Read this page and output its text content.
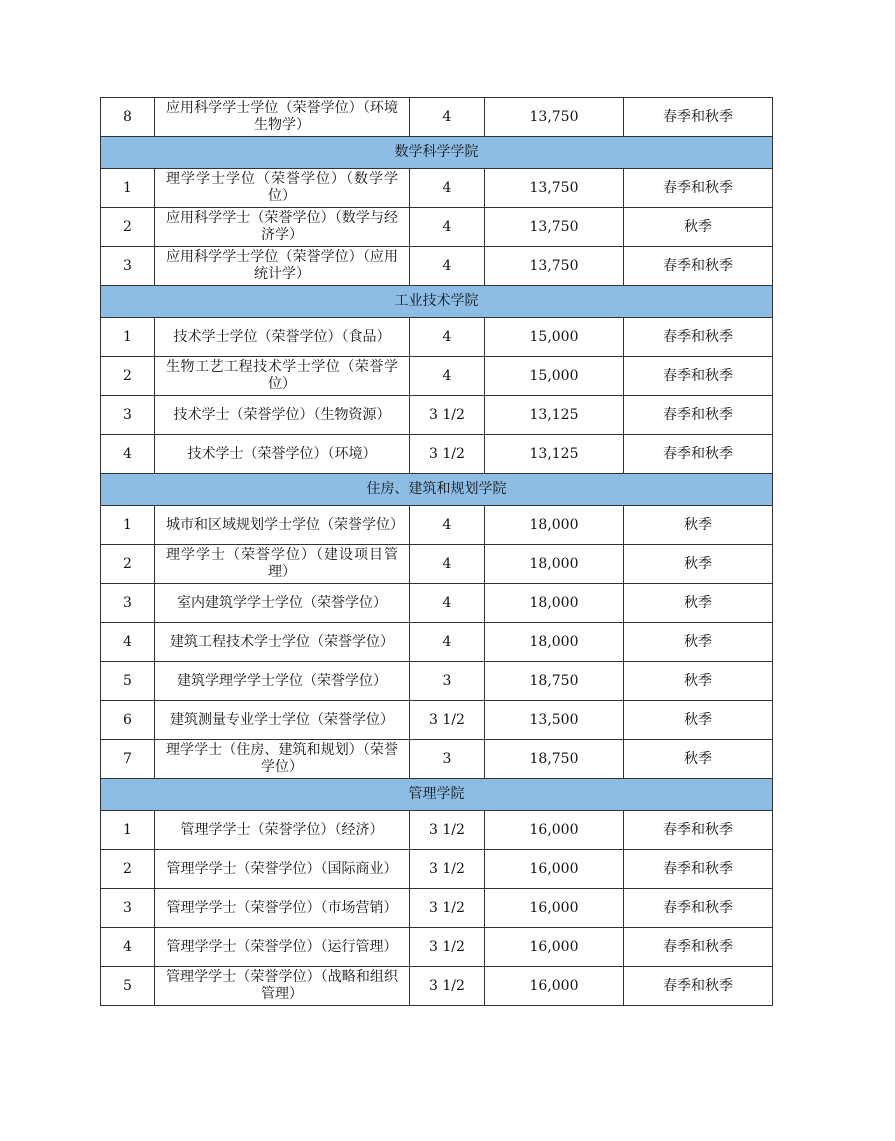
8	应用科学学士学位（荣誉学位）（环境生物学）	4	13,750	春季和秋季
数学科学学院				
1	理学学士学位（荣誉学位）（数学学位）	4	13,750	春季和秋季
2	应用科学学士（荣誉学位）（数学与经济学）	4	13,750	秋季
3	应用科学学士学位（荣誉学位）（应用统计学）	4	13,750	春季和秋季
工业技术学院				
1	技术学士学位（荣誉学位）（食品）	4	15,000	春季和秋季
2	生物工艺工程技术学士学位（荣誉学位）	4	15,000	春季和秋季
3	技术学士（荣誉学位）（生物资源）	3 1/2	13,125	春季和秋季
4	技术学士（荣誉学位）（环境）	3 1/2	13,125	春季和秋季
住房、建筑和规划学院				
1	城市和区域规划学士学位（荣誉学位）	4	18,000	秋季
2	理学学士（荣誉学位）（建设项目管理）	4	18,000	秋季
3	室内建筑学学士学位（荣誉学位）	4	18,000	秋季
4	建筑工程技术学士学位（荣誉学位）	4	18,000	秋季
5	建筑学理学学士学位（荣誉学位）	3	18,750	秋季
6	建筑测量专业学士学位（荣誉学位）	3 1/2	13,500	秋季
7	理学学士（住房、建筑和规划）（荣誉学位）	3	18,750	秋季
管理学院				
1	管理学学士（荣誉学位）（经济）	3 1/2	16,000	春季和秋季
2	管理学学士（荣誉学位）（国际商业）	3 1/2	16,000	春季和秋季
3	管理学学士（荣誉学位）（市场营销）	3 1/2	16,000	春季和秋季
4	管理学学士（荣誉学位）（运行管理）	3 1/2	16,000	春季和秋季
5	管理学学士（荣誉学位）（战略和组织管理）	3 1/2	16,000	春季和秋季
